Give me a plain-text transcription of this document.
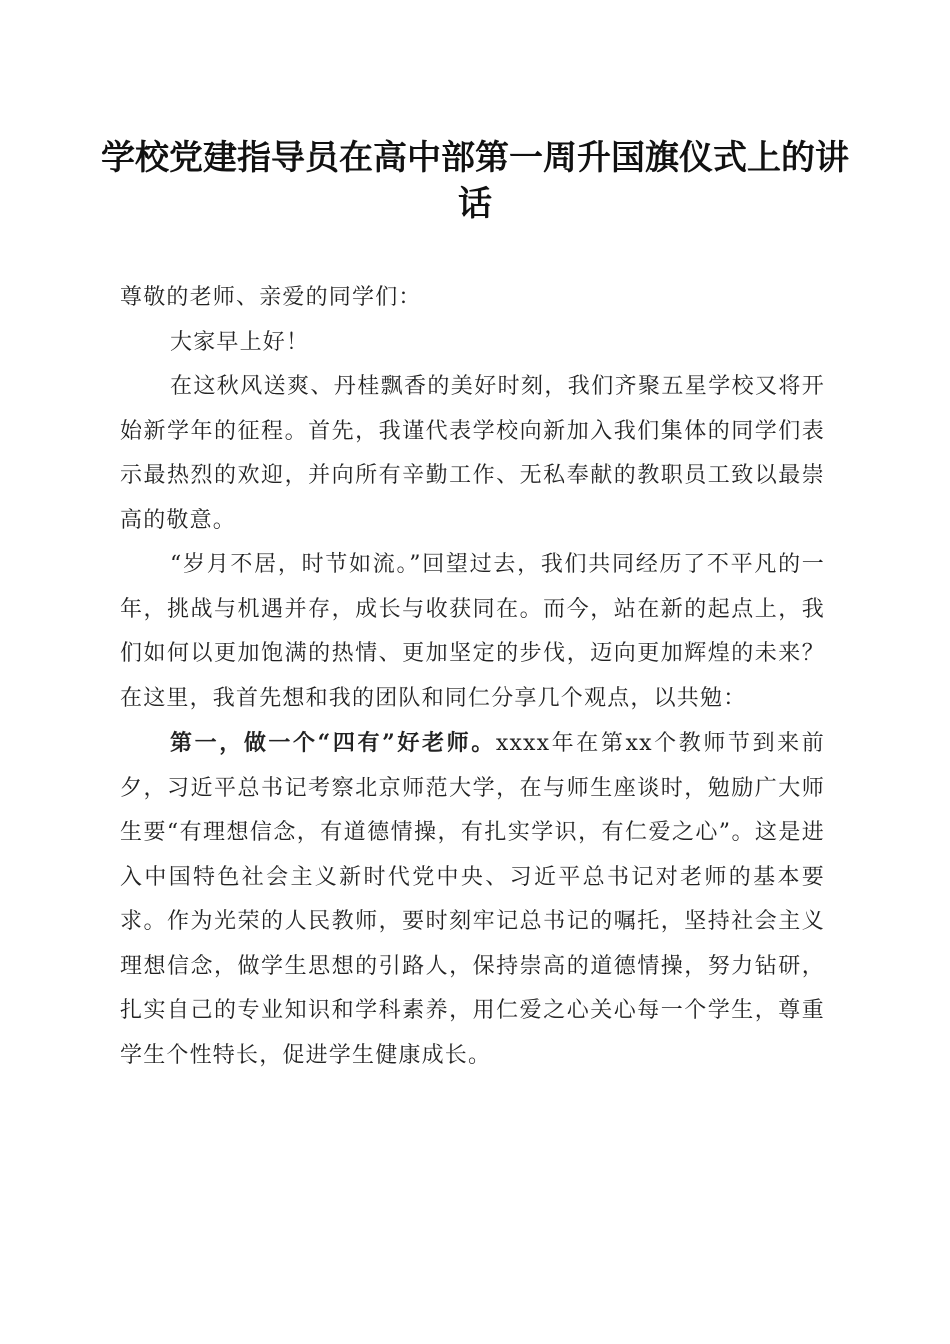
学校党建指导员在高中部第一周升国旗仪式上的讲话

尊敬的老师、亲爱的同学们：

大家早上好！

在这秋风送爽、丹桂飘香的美好时刻，我们齐聚五星学校又将开始新学年的征程。首先，我谨代表学校向新加入我们集体的同学们表示最热烈的欢迎，并向所有辛勤工作、无私奉献的教职员工致以最崇高的敬意。

“岁月不居，时节如流。”回望过去，我们共同经历了不平凡的一年，挑战与机遇并存，成长与收获同在。而今，站在新的起点上，我们如何以更加饱满的热情、更加坚定的步伐，迈向更加辉煌的未来？在这里，我首先想和我的团队和同仁分享几个观点，以共勉：

第一，做一个“四有”好老师。xxxx年在第xx个教师节到来前夕，习近平总书记考察北京师范大学，在与师生座谈时，勉励广大师生要“有理想信念，有道德情操，有扎实学识，有仁爱之心”。这是进入中国特色社会主义新时代党中央、习近平总书记对老师的基本要求。作为光荣的人民教师，要时刻牢记总书记的嘱托，坚持社会主义理想信念，做学生思想的引路人，保持崇高的道德情操，努力钻研，扎实自己的专业知识和学科素养，用仁爱之心关心每一个学生，尊重学生个性特长，促进学生健康成长。
